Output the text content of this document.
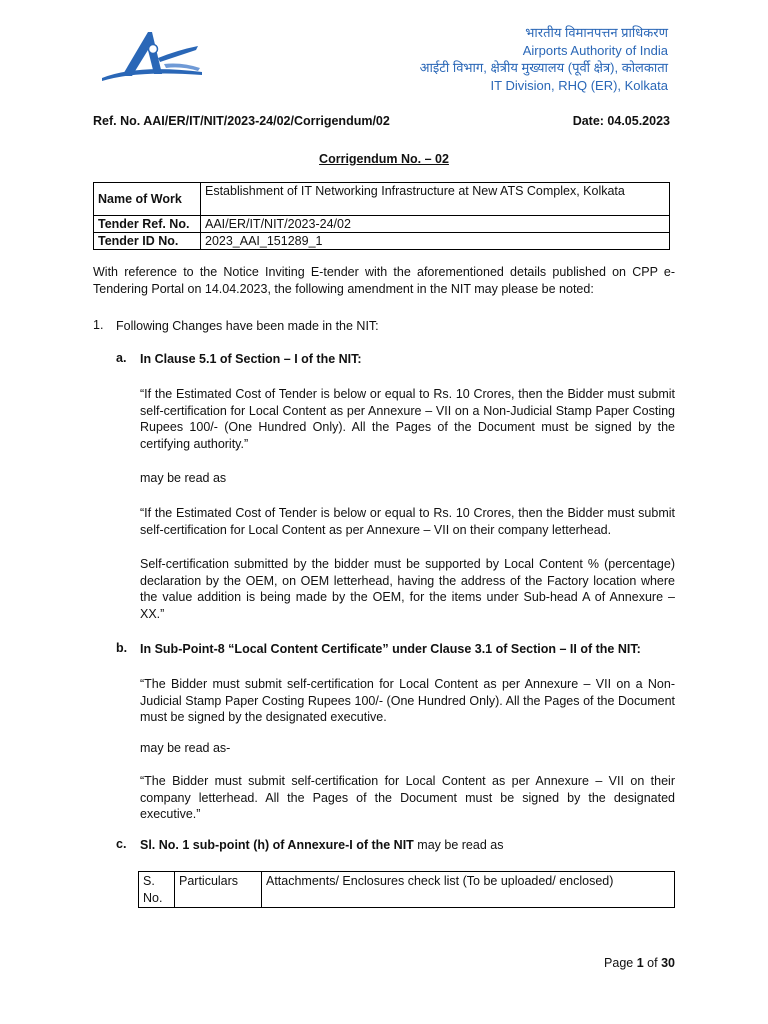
भारतीय विमानपत्तन प्राधिकरण
Airports Authority of India
आईटी विभाग, क्षेत्रीय मुख्यालय (पूर्वी क्षेत्र), कोलकाता
IT Division, RHQ (ER), Kolkata
Ref. No. AAI/ER/IT/NIT/2023-24/02/Corrigendum/02	Date: 04.05.2023
Corrigendum No. – 02
Name of Work	Establishment of IT Networking Infrastructure at New ATS Complex, Kolkata
Tender Ref. No.	AAI/ER/IT/NIT/2023-24/02
Tender ID No.	2023_AAI_151289_1
With reference to the Notice Inviting E-tender with the aforementioned details published on CPP e-Tendering Portal on 14.04.2023, the following amendment in the NIT may please be noted:
1. Following Changes have been made in the NIT:
a. In Clause 5.1 of Section – I of the NIT:
“If the Estimated Cost of Tender is below or equal to Rs. 10 Crores, then the Bidder must submit self-certification for Local Content as per Annexure – VII on a Non-Judicial Stamp Paper Costing Rupees 100/- (One Hundred Only). All the Pages of the Document must be signed by the certifying authority.”
may be read as
“If the Estimated Cost of Tender is below or equal to Rs. 10 Crores, then the Bidder must submit self-certification for Local Content as per Annexure – VII on their company letterhead.
Self-certification submitted by the bidder must be supported by Local Content % (percentage) declaration by the OEM, on OEM letterhead, having the address of the Factory location where the value addition is being made by the OEM, for the items under Sub-head A of Annexure – XX.”
b. In Sub-Point-8 “Local Content Certificate” under Clause 3.1 of Section – II of the NIT:
“The Bidder must submit self-certification for Local Content as per Annexure – VII on a Non-Judicial Stamp Paper Costing Rupees 100/- (One Hundred Only). All the Pages of the Document must be signed by the designated executive.
may be read as-
“The Bidder must submit self-certification for Local Content as per Annexure – VII on their company letterhead. All the Pages of the Document must be signed by the designated executive.”
c. Sl. No. 1 sub-point (h) of Annexure-I of the NIT may be read as
S. No.	Particulars	Attachments/ Enclosures check list (To be uploaded/ enclosed)
Page 1 of 30
